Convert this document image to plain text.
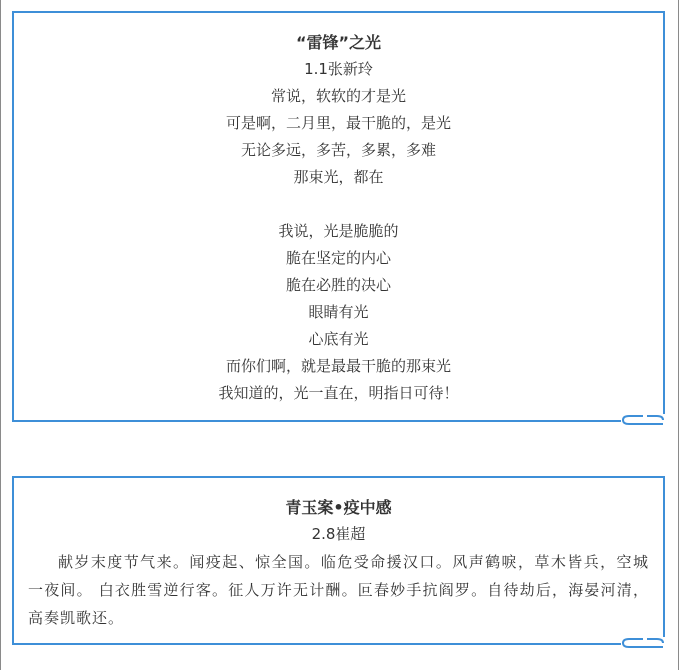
“雷锋”之光
1.1张新玲
常说，软软的才是光
可是啊，二月里，最干脆的，是光
无论多远，多苦，多累，多难
那束光，都在
我说，光是脆脆的
脆在坚定的内心
脆在必胜的决心
眼睛有光
心底有光
而你们啊，就是最最干脆的那束光
我知道的，光一直在，明指日可待！
青玉案•疫中感
2.8崔超
献岁末度节气来。闻疫起、惊全国。临危受命援汉口。风声鹤唳，草木皆兵，空城一夜间。 白衣胜雪逆行客。征人万许无计酬。叵春妙手抗阎罗。自待劫后，海晏河清，高奏凯歌还。
